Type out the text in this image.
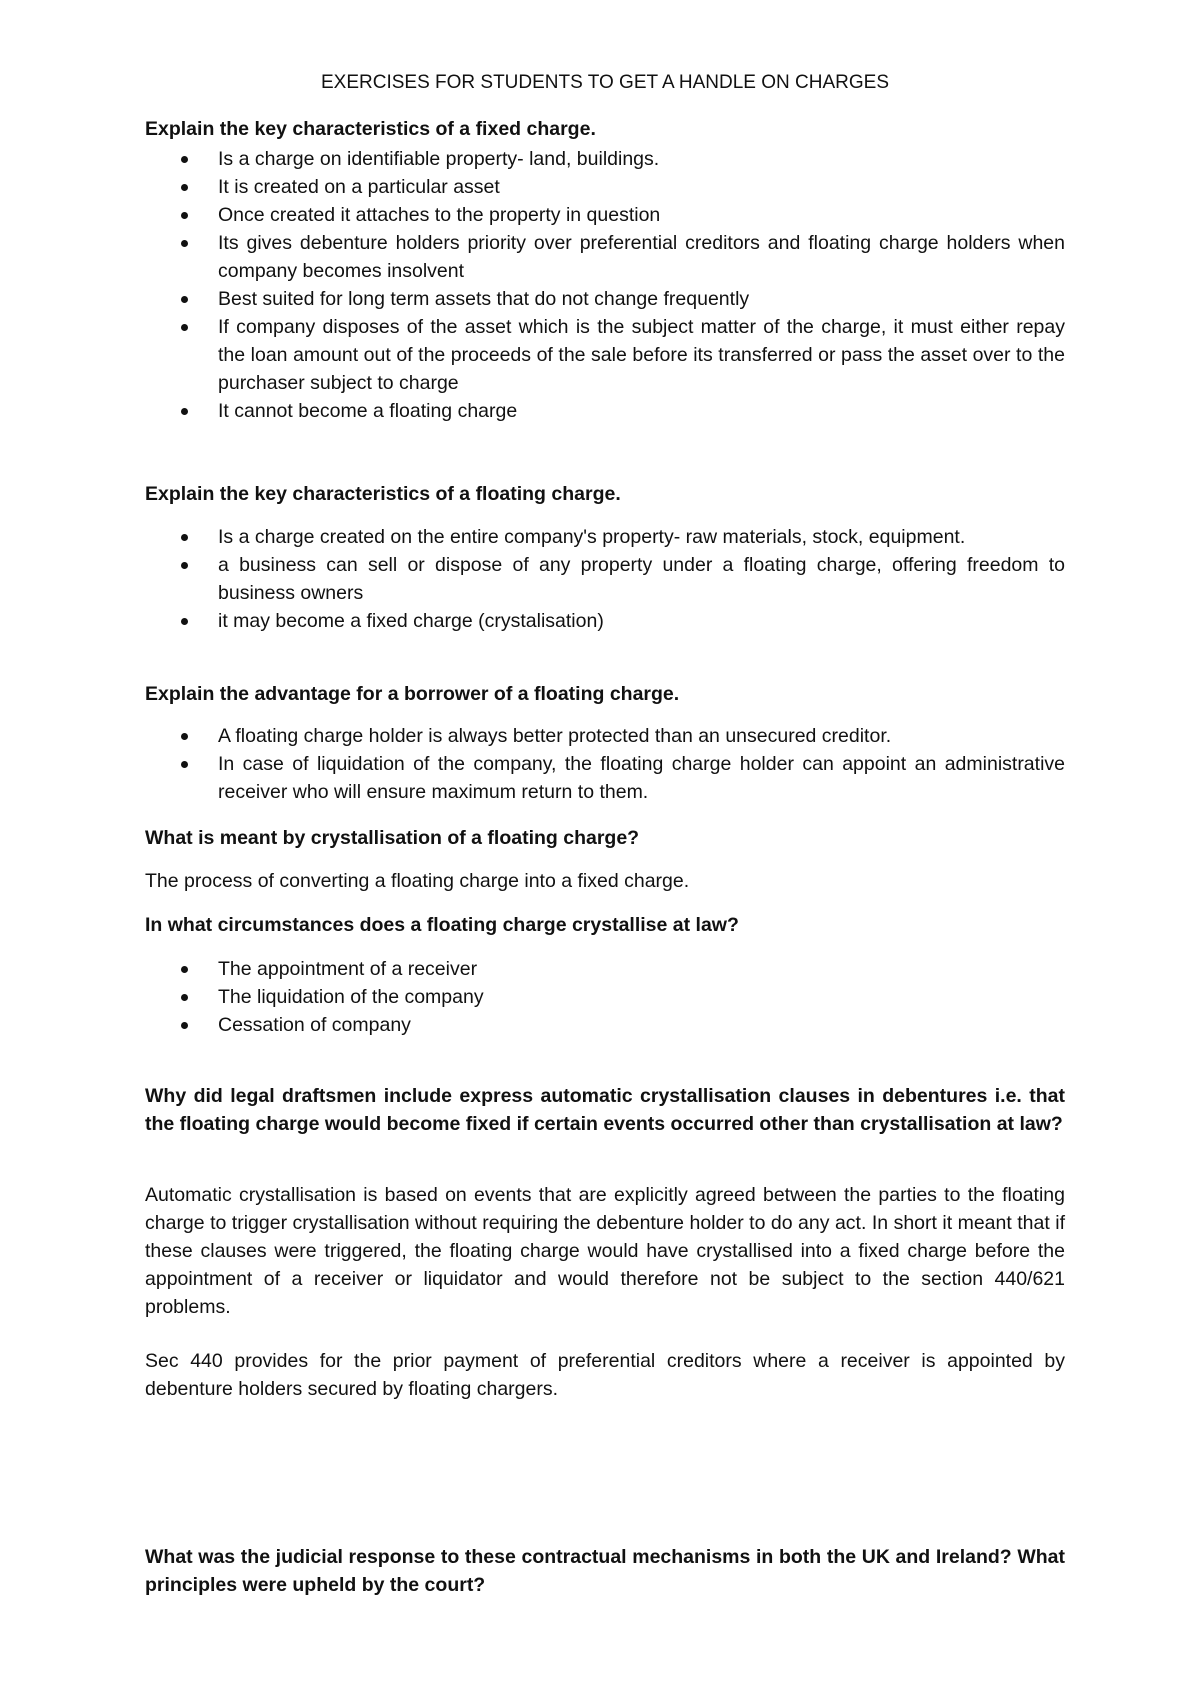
EXERCISES FOR STUDENTS TO GET A HANDLE ON CHARGES
Explain the key characteristics of a fixed charge.
Is a charge on identifiable property- land, buildings.
It is created on a particular asset
Once created it attaches to the property in question
Its gives debenture holders priority over preferential creditors and floating charge holders when company becomes insolvent
Best suited for long term assets that do not change frequently
If company disposes of the asset which is the subject matter of the charge, it must either repay the loan amount out of the proceeds of the sale before its transferred or pass the asset over to the purchaser subject to charge
It cannot become a floating charge
Explain the key characteristics of a floating charge.
Is a charge created on the entire company's property- raw materials, stock, equipment.
a business can sell or dispose of any property under a floating charge, offering freedom to business owners
it may become a fixed charge (crystalisation)
Explain the advantage for a borrower of a floating charge.
A floating charge holder is always better protected than an unsecured creditor.
In case of liquidation of the company, the floating charge holder can appoint an administrative receiver who will ensure maximum return to them.
What is meant by crystallisation of a floating charge?
The process of converting a floating charge into a fixed charge.
In what circumstances does a floating charge crystallise at law?
The appointment of a receiver
The liquidation of the company
Cessation of company
Why did legal draftsmen include express automatic crystallisation clauses in debentures i.e. that the floating charge would become fixed if certain events occurred other than crystallisation at law?
Automatic crystallisation is based on events that are explicitly agreed between the parties to the floating charge to trigger crystallisation without requiring the debenture holder to do any act. In short it meant that if these clauses were triggered, the floating charge would have crystallised into a fixed charge before the appointment of a receiver or liquidator and would therefore not be subject to the section 440/621 problems.
Sec 440 provides for the prior payment of preferential creditors where a receiver is appointed by debenture holders secured by floating chargers.
What was the judicial response to these contractual mechanisms in both the UK and Ireland? What principles were upheld by the court?
